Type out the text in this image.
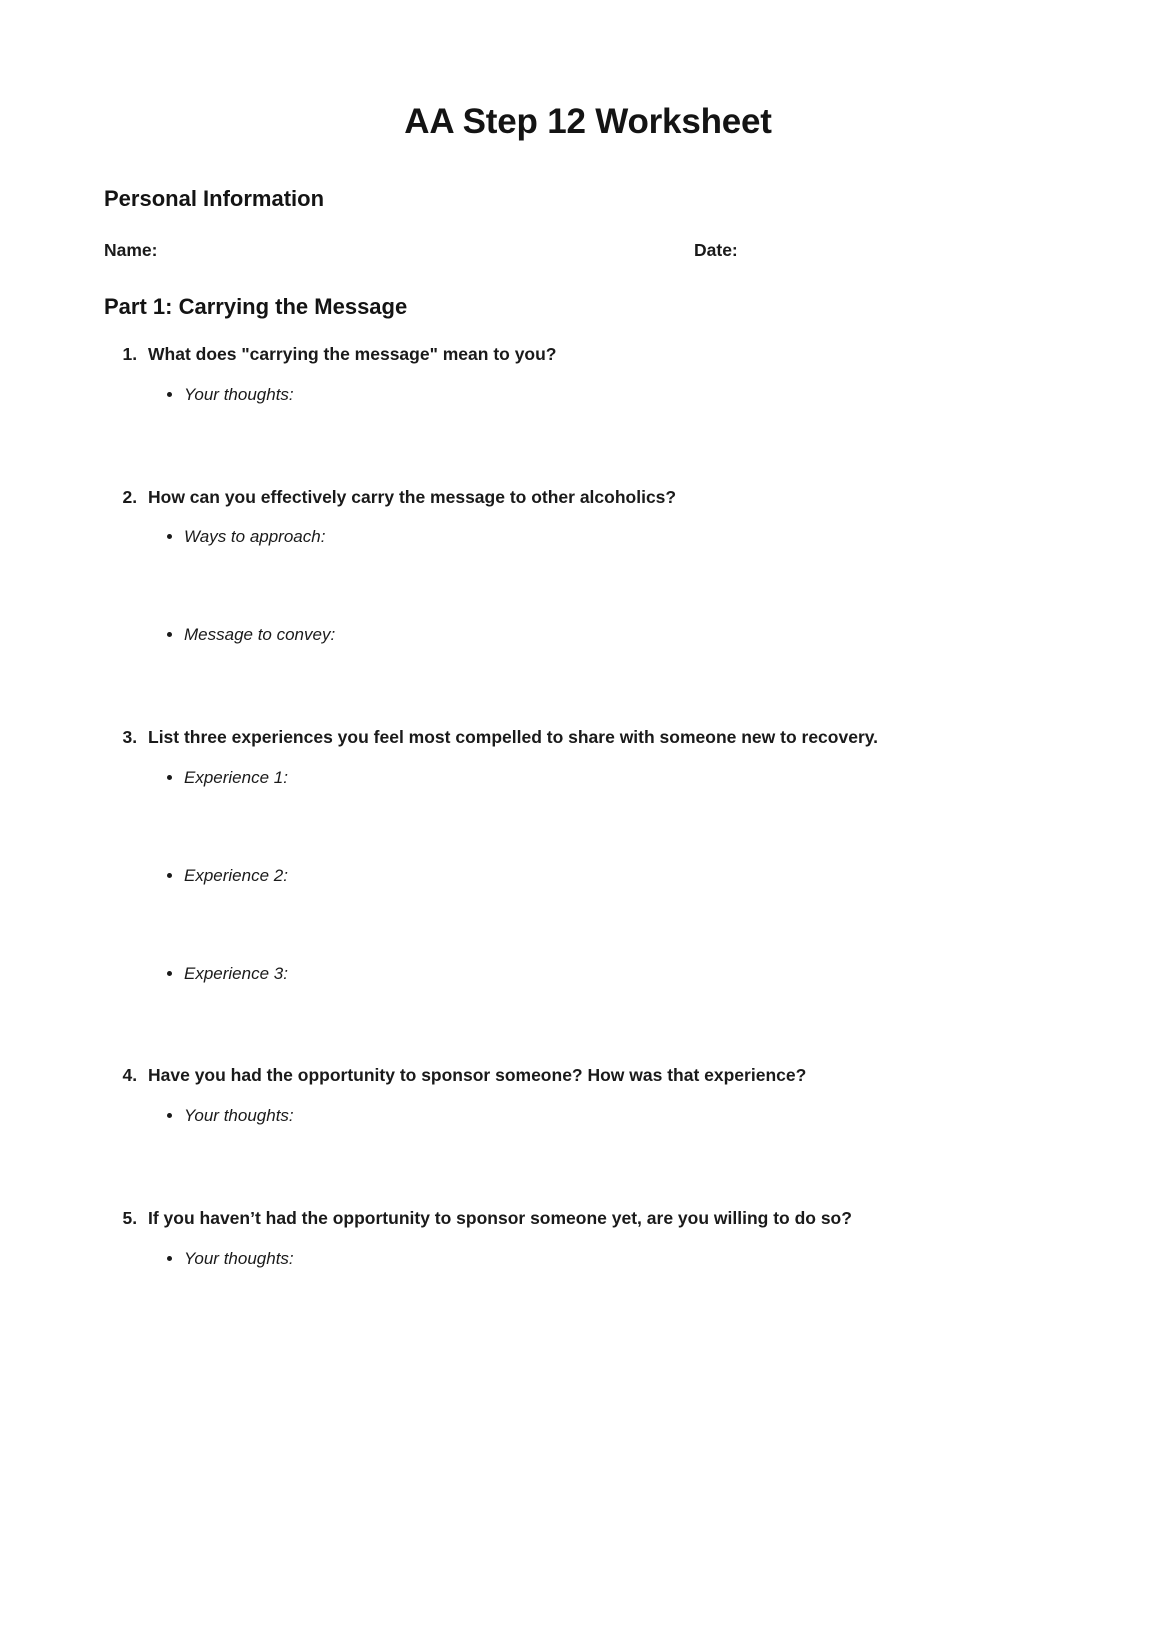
AA Step 12 Worksheet
Personal Information
Name:	Date:
Part 1: Carrying the Message
1. What does "carrying the message" mean to you?
• Your thoughts:
2. How can you effectively carry the message to other alcoholics?
• Ways to approach:
• Message to convey:
3. List three experiences you feel most compelled to share with someone new to recovery.
• Experience 1:
• Experience 2:
• Experience 3:
4. Have you had the opportunity to sponsor someone? How was that experience?
• Your thoughts:
5. If you haven’t had the opportunity to sponsor someone yet, are you willing to do so?
• Your thoughts:
